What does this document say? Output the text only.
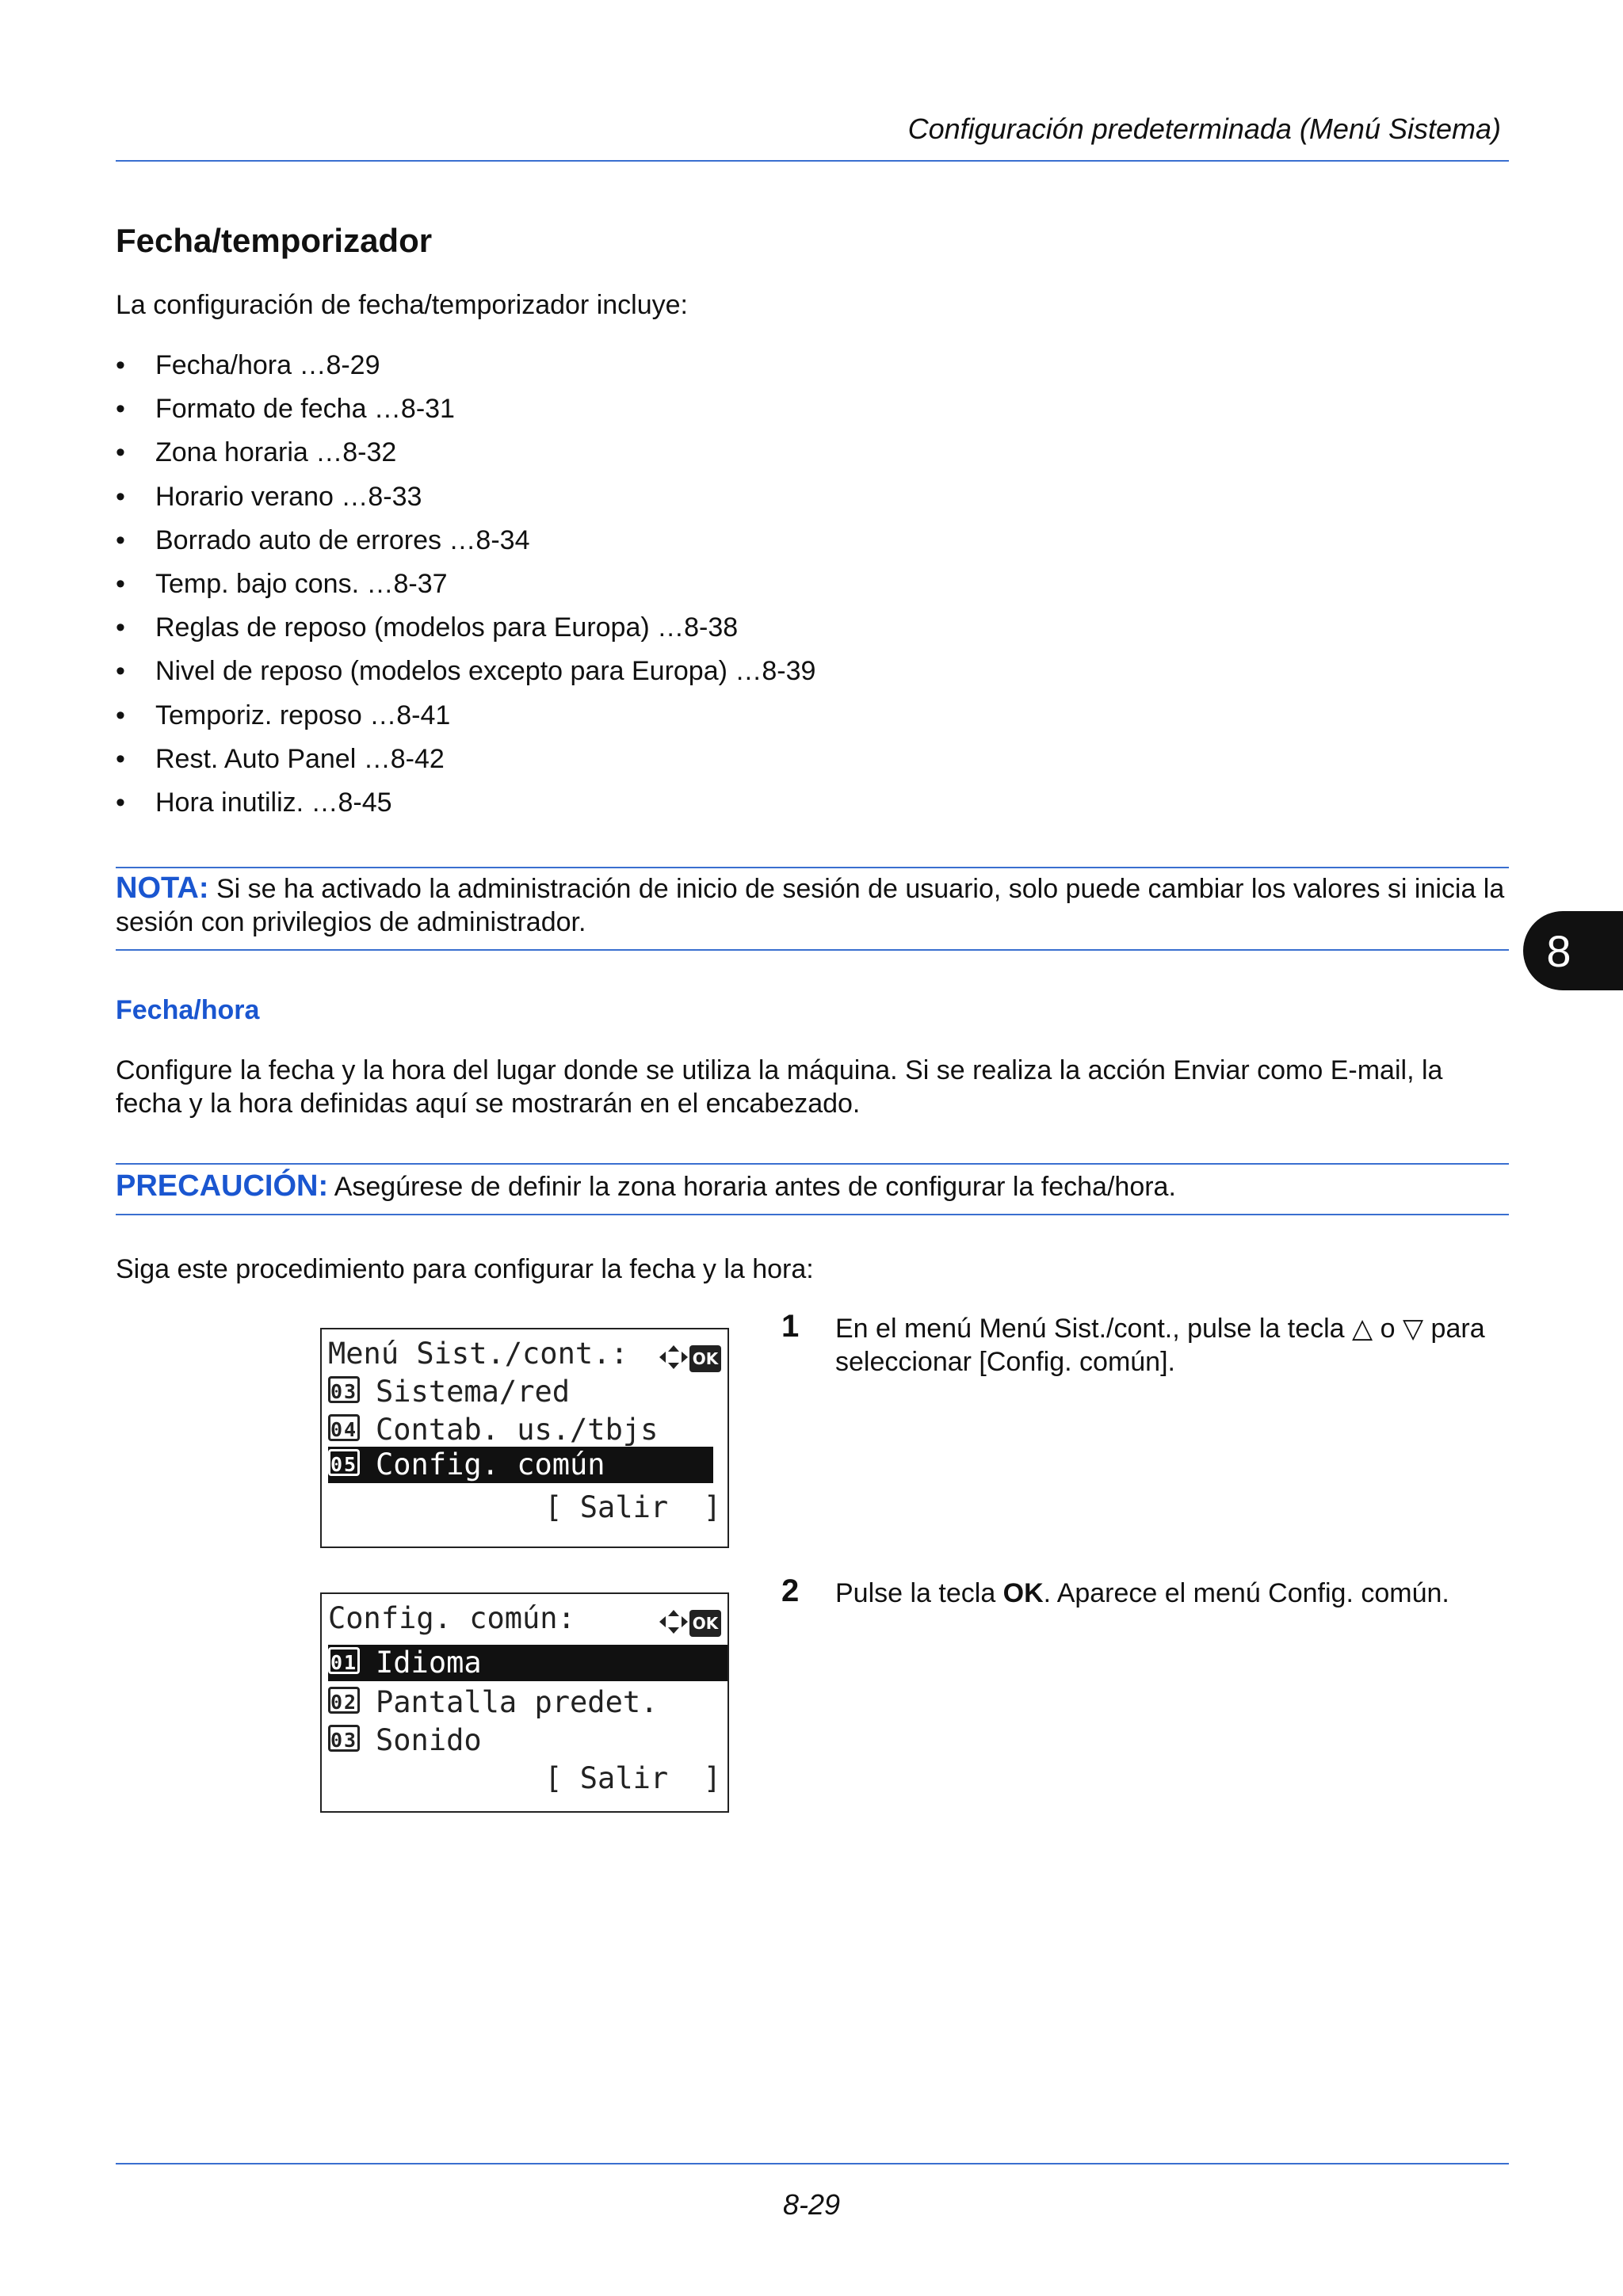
Configuración predeterminada (Menú Sistema)
Fecha/temporizador
La configuración de fecha/temporizador incluye:
• Fecha/hora …8-29
• Formato de fecha …8-31
• Zona horaria …8-32
• Horario verano …8-33
• Borrado auto de errores …8-34
• Temp. bajo cons. …8-37
• Reglas de reposo (modelos para Europa) …8-38
• Nivel de reposo (modelos excepto para Europa) …8-39
• Temporiz. reposo …8-41
• Rest. Auto Panel …8-42
• Hora inutiliz. …8-45
NOTA: Si se ha activado la administración de inicio de sesión de usuario, solo puede cambiar los valores si inicia la sesión con privilegios de administrador.
8
Fecha/hora
Configure la fecha y la hora del lugar donde se utiliza la máquina. Si se realiza la acción Enviar como E-mail, la fecha y la hora definidas aquí se mostrarán en el encabezado.
PRECAUCIÓN: Asegúrese de definir la zona horaria antes de configurar la fecha/hora.
Siga este procedimiento para configurar la fecha y la hora:
Menú Sist./cont.:	OK
03 Sistema/red
04 Contab. us./tbjs
05 Config. común
[ Salir  ]
1 En el menú Menú Sist./cont., pulse la tecla △ o ▽ para seleccionar [Config. común].
Config. común:	OK
01 Idioma
02 Pantalla predet.
03 Sonido
[ Salir  ]
2 Pulse la tecla OK. Aparece el menú Config. común.
8-29
